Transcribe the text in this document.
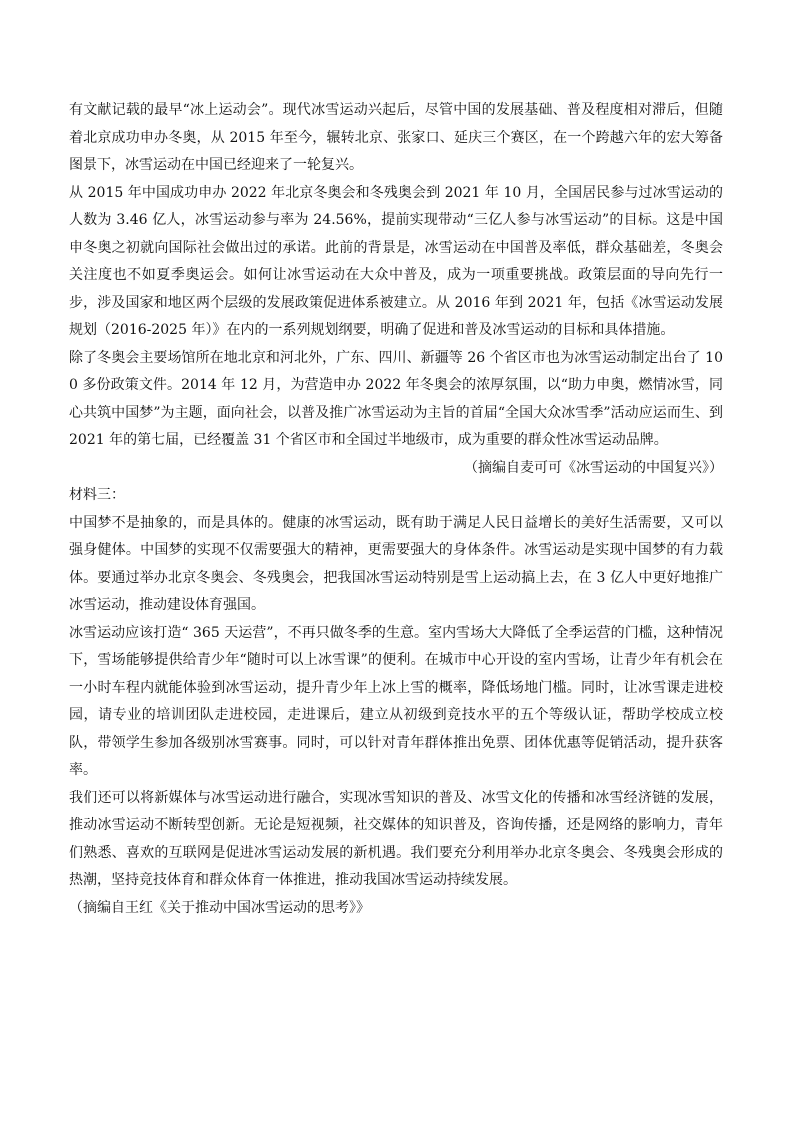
有文献记载的最早“冰上运动会”。现代冰雪运动兴起后，尽管中国的发展基础、普及程度相对滞后，但随着北京成功申办冬奥，从 2015 年至今，辗转北京、张家口、延庆三个赛区，在一个跨越六年的宏大筹备图景下，冰雪运动在中国已经迎来了一轮复兴。

从 2015 年中国成功申办 2022 年北京冬奥会和冬残奥会到 2021 年 10 月，全国居民参与过冰雪运动的人数为 3.46 亿人，冰雪运动参与率为 24.56%，提前实现带动“三亿人参与冰雪运动”的目标。这是中国申冬奥之初就向国际社会做出过的承诺。此前的背景是，冰雪运动在中国普及率低，群众基础差，冬奥会关注度也不如夏季奥运会。如何让冰雪运动在大众中普及，成为一项重要挑战。政策层面的导向先行一步，涉及国家和地区两个层级的发展政策促进体系被建立。从 2016 年到 2021 年，包括《冰雪运动发展规划（2016-2025 年）》在内的一系列规划纲要，明确了促进和普及冰雪运动的目标和具体措施。

除了冬奥会主要场馆所在地北京和河北外，广东、四川、新疆等 26 个省区市也为冰雪运动制定出台了 100 多份政策文件。2014 年 12 月，为营造申办 2022 年冬奥会的浓厚氛围，以“助力申奥，燃情冰雪，同心共筑中国梦”为主题，面向社会，以普及推广冰雪运动为主旨的首届“全国大众冰雪季”活动应运而生、到 2021 年的第七届，已经覆盖 31 个省区市和全国过半地级市，成为重要的群众性冰雪运动品牌。

（摘编自麦可可《冰雪运动的中国复兴》）

材料三：

中国梦不是抽象的，而是具体的。健康的冰雪运动，既有助于满足人民日益增长的美好生活需要，又可以强身健体。中国梦的实现不仅需要强大的精神，更需要强大的身体条件。冰雪运动是实现中国梦的有力载体。要通过举办北京冬奥会、冬残奥会，把我国冰雪运动特别是雪上运动搞上去，在 3 亿人中更好地推广冰雪运动，推动建设体育强国。

冰雪运动应该打造“ 365 天运营”，不再只做冬季的生意。室内雪场大大降低了全季运营的门槛，这种情况下，雪场能够提供给青少年“随时可以上冰雪课”的便利。在城市中心开设的室内雪场，让青少年有机会在一小时车程内就能体验到冰雪运动，提升青少年上冰上雪的概率，降低场地门槛。同时，让冰雪课走进校园，请专业的培训团队走进校园，走进课后，建立从初级到竞技水平的五个等级认证，帮助学校成立校队，带领学生参加各级别冰雪赛事。同时，可以针对青年群体推出免票、团体优惠等促销活动，提升获客率。

我们还可以将新媒体与冰雪运动进行融合，实现冰雪知识的普及、冰雪文化的传播和冰雪经济链的发展，推动冰雪运动不断转型创新。无论是短视频，社交媒体的知识普及，咨询传播，还是网络的影响力，青年们熟悉、喜欢的互联网是促进冰雪运动发展的新机遇。我们要充分利用举办北京冬奥会、冬残奥会形成的热潮，坚持竞技体育和群众体育一体推进，推动我国冰雪运动持续发展。

（摘编自王红《关于推动中国冰雪运动的思考》》
